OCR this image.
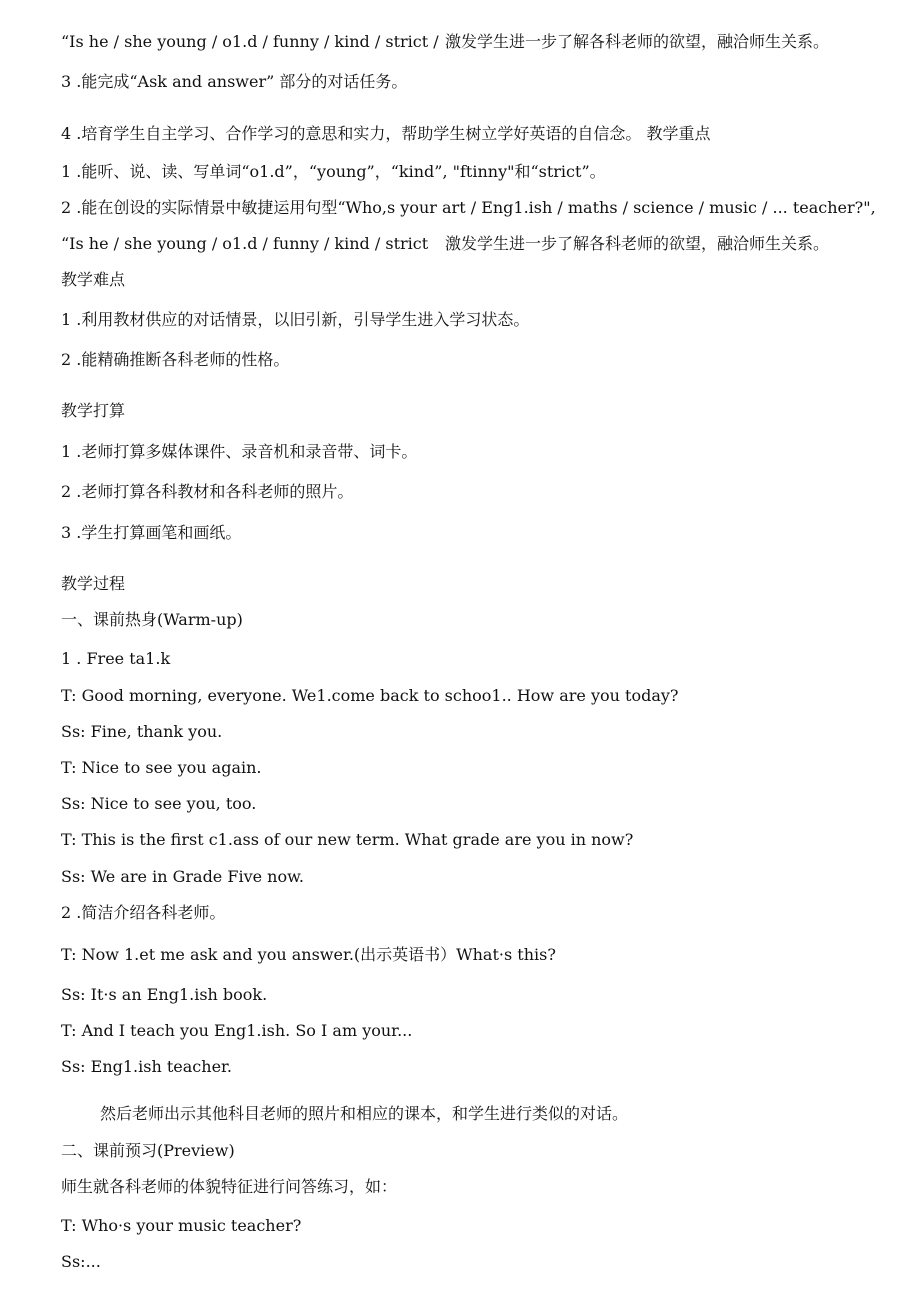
“Is he / she young / o1.d / funny / kind / strict / 激发学生进一步了解各科老师的欲望，融洽师生关系。
3 .能完成“Ask and answer” 部分的对话任务。
4 .培育学生自主学习、合作学习的意思和实力，帮助学生树立学好英语的自信念。 教学重点
1 .能听、说、读、写单词“o1.d”，“young”，“kind”, "ftinny"和“strict”。
2 .能在创设的实际情景中敏捷运用句型“Who,s your art / Eng1.ish / maths / science / music / ... teacher?",
“Is he / she young / o1.d / funny / kind / strict 激发学生进一步了解各科老师的欲望，融洽师生关系。
教学难点
1 .利用教材供应的对话情景，以旧引新，引导学生进入学习状态。
2 .能精确推断各科老师的性格。
教学打算
1 .老师打算多媒体课件、录音机和录音带、词卡。
2 .老师打算各科教材和各科老师的照片。
3 .学生打算画笔和画纸。
教学过程
一、课前热身(Warm-up)
1 . Free ta1.k
T: Good morning, everyone. We1.come back to schoo1.. How are you today?
Ss: Fine, thank you.
T: Nice to see you again.
Ss: Nice to see you, too.
T: This is the first c1.ass of our new term. What grade are you in now?
Ss: We are in Grade Five now.
2 .简洁介绍各科老师。
T: Now 1.et me ask and you answer.(出示英语书）What·s this?
Ss: It·s an Eng1.ish book.
T: And I teach you Eng1.ish. So I am your...
Ss: Eng1.ish teacher.
然后老师出示其他科目老师的照片和相应的课本，和学生进行类似的对话。
二、课前预习(Preview)
师生就各科老师的体貌特征进行问答练习，如：
T: Who·s your music teacher?
Ss:...
